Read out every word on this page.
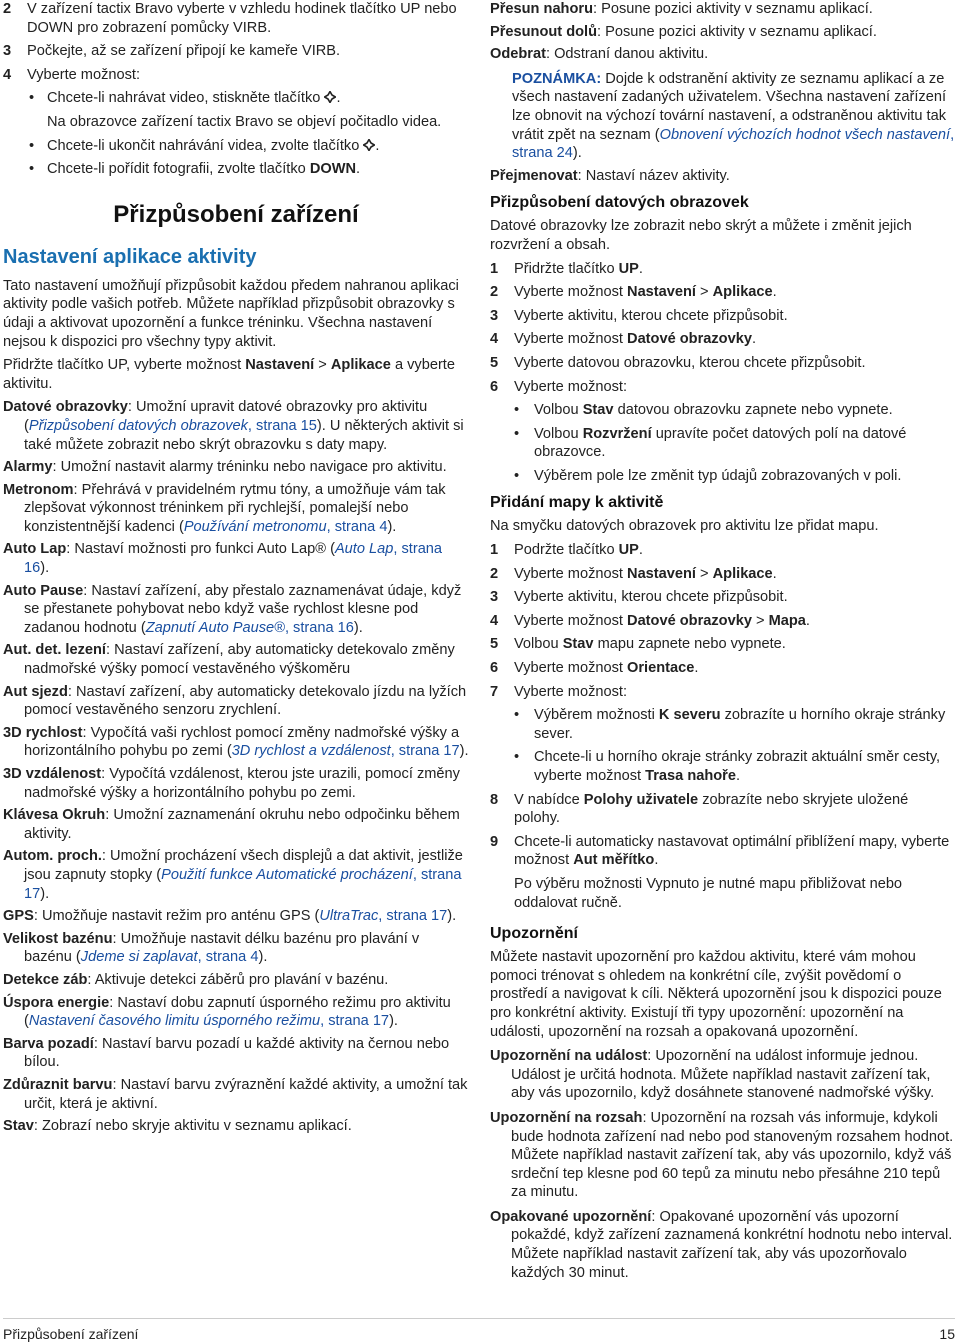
2 V zařízení tactix Bravo vyberte v vzhledu hodinek tlačítko UP nebo DOWN pro zobrazení pomůcky VIRB.

3 Počkejte, až se zařízení připojí ke kameře VIRB.

4 Vyberte možnost:

• Chcete-li nahrávat video, stiskněte tlačítko .

Na obrazovce zařízení tactix Bravo se objeví počitadlo videa.

• Chcete-li ukončit nahrávání videa, zvolte tlačítko .

• Chcete-li pořídit fotografii, zvolte tlačítko DOWN.

Přizpůsobení zařízení
Nastavení aplikace aktivity

Tato nastavení umožňují přizpůsobit každou předem nahranou aplikaci aktivity podle vašich potřeb. Můžete například přizpůsobit obrazovky s údaji a aktivovat upozornění a funkce tréninku. Všechna nastavení nejsou k dispozici pro všechny typy aktivit.

Přidržte tlačítko UP, vyberte možnost Nastavení > Aplikace a vyberte aktivitu.

Datové obrazovky: Umožní upravit datové obrazovky pro aktivitu (Přizpůsobení datových obrazovek, strana 15). U některých aktivit si také můžete zobrazit nebo skrýt obrazovku s daty mapy.

Alarmy: Umožní nastavit alarmy tréninku nebo navigace pro aktivitu.

Metronom: Přehrává v pravidelném rytmu tóny, a umožňuje vám tak zlepšovat výkonnost tréninkem při rychlejší, pomalejší nebo konzistentnější kadenci (Používání metronomu, strana 4).

Auto Lap: Nastaví možnosti pro funkci Auto Lap® (Auto Lap, strana 16).

Auto Pause: Nastaví zařízení, aby přestalo zaznamenávat údaje, když se přestanete pohybovat nebo když vaše rychlost klesne pod zadanou hodnotu (Zapnutí Auto Pause®, strana 16).

Aut. det. lezení: Nastaví zařízení, aby automaticky detekovalo změny nadmořské výšky pomocí vestavěného výškoměru

Aut sjezd: Nastaví zařízení, aby automaticky detekovalo jízdu na lyžích pomocí vestavěného senzoru zrychlení.

3D rychlost: Vypočítá vaši rychlost pomocí změny nadmořské výšky a horizontálního pohybu po zemi (3D rychlost a vzdálenost, strana 17).

3D vzdálenost: Vypočítá vzdálenost, kterou jste urazili, pomocí změny nadmořské výšky a horizontálního pohybu po zemi.

Klávesa Okruh: Umožní zaznamenání okruhu nebo odpočinku během aktivity.

Autom. proch.: Umožní procházení všech displejů a dat aktivit, jestliže jsou zapnuty stopky (Použití funkce Automatické procházení, strana 17).

GPS: Umožňuje nastavit režim pro anténu GPS (UltraTrac, strana 17).

Velikost bazénu: Umožňuje nastavit délku bazénu pro plavání v bazénu (Jdeme si zaplavat, strana 4).

Detekce záb: Aktivuje detekci záběrů pro plavání v bazénu.

Úspora energie: Nastaví dobu zapnutí úsporného režimu pro aktivitu (Nastavení časového limitu úsporného režimu, strana 17).

Barva pozadí: Nastaví barvu pozadí u každé aktivity na černou nebo bílou.

Zdůraznit barvu: Nastaví barvu zvýraznění každé aktivity, a umožní tak určit, která je aktivní.

Stav: Zobrazí nebo skryje aktivitu v seznamu aplikací.

Přesun nahoru: Posune pozici aktivity v seznamu aplikací.

Přesunout dolů: Posune pozici aktivity v seznamu aplikací.

Odebrat: Odstraní danou aktivitu.

POZNÁMKA: Dojde k odstranění aktivity ze seznamu aplikací a ze všech nastavení zadaných uživatelem. Všechna nastavení zařízení lze obnovit na výchozí tovární nastavení, a odstraněnou aktivitu tak vrátit zpět na seznam (Obnovení výchozích hodnot všech nastavení, strana 24).

Přejmenovat: Nastaví název aktivity.

Přizpůsobení datových obrazovek

Datové obrazovky lze zobrazit nebo skrýt a můžete i změnit jejich rozvržení a obsah.

1 Přidržte tlačítko UP.

2 Vyberte možnost Nastavení > Aplikace.

3 Vyberte aktivitu, kterou chcete přizpůsobit.

4 Vyberte možnost Datové obrazovky.

5 Vyberte datovou obrazovku, kterou chcete přizpůsobit.

6 Vyberte možnost:

• Volbou Stav datovou obrazovku zapnete nebo vypnete.

• Volbou Rozvržení upravíte počet datových polí na datové obrazovce.

• Výběrem pole lze změnit typ údajů zobrazovaných v poli.

Přidání mapy k aktivitě

Na smyčku datových obrazovek pro aktivitu lze přidat mapu.

1 Podržte tlačítko UP.

2 Vyberte možnost Nastavení > Aplikace.

3 Vyberte aktivitu, kterou chcete přizpůsobit.

4 Vyberte možnost Datové obrazovky > Mapa.

5 Volbou Stav mapu zapnete nebo vypnete.

6 Vyberte možnost Orientace.

7 Vyberte možnost:

• Výběrem možnosti K severu zobrazíte u horního okraje stránky sever.

• Chcete-li u horního okraje stránky zobrazit aktuální směr cesty, vyberte možnost Trasa nahoře.

8 V nabídce Polohy uživatele zobrazíte nebo skryjete uložené polohy.

9 Chcete-li automaticky nastavovat optimální přiblížení mapy, vyberte možnost Aut měřítko.

Po výběru možnosti Vypnuto je nutné mapu přibližovat nebo oddalovat ručně.

Upozornění

Můžete nastavit upozornění pro každou aktivitu, které vám mohou pomoci trénovat s ohledem na konkrétní cíle, zvýšit povědomí o prostředí a navigovat k cíli. Některá upozornění jsou k dispozici pouze pro konkrétní aktivity. Existují tři typy upozornění: upozornění na události, upozornění na rozsah a opakovaná upozornění.

Upozornění na událost: Upozornění na událost informuje jednou. Událost je určitá hodnota. Můžete například nastavit zařízení tak, aby vás upozornilo, když dosáhnete stanovené nadmořské výšky.

Upozornění na rozsah: Upozornění na rozsah vás informuje, kdykoli bude hodnota zařízení nad nebo pod stanoveným rozsahem hodnot. Můžete například nastavit zařízení tak, aby vás upozornilo, když váš srdeční tep klesne pod 60 tepů za minutu nebo přesáhne 210 tepů za minutu.

Opakované upozornění: Opakované upozornění vás upozorní pokaždé, když zařízení zaznamená konkrétní hodnotu nebo interval. Můžete například nastavit zařízení tak, aby vás upozorňovalo každých 30 minut.

Přizpůsobení zařízení	15
